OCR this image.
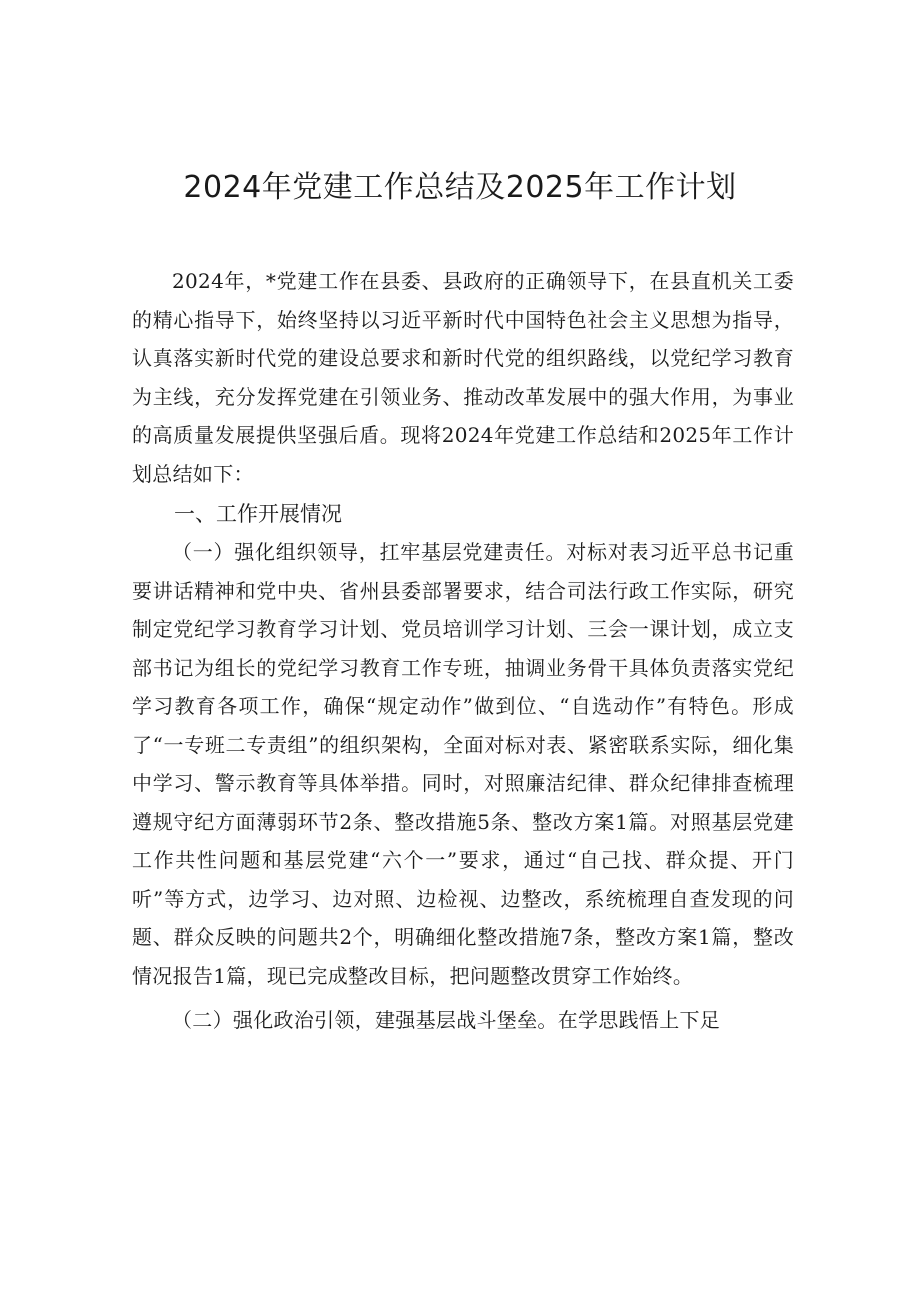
2024年党建工作总结及2025年工作计划

2024年，*党建工作在县委、县政府的正确领导下，在县直机关工委的精心指导下，始终坚持以习近平新时代中国特色社会主义思想为指导，认真落实新时代党的建设总要求和新时代党的组织路线，以党纪学习教育为主线，充分发挥党建在引领业务、推动改革发展中的强大作用，为事业的高质量发展提供坚强后盾。现将2024年党建工作总结和2025年工作计划总结如下：

一、工作开展情况

（一）强化组织领导，扛牢基层党建责任。对标对表习近平总书记重要讲话精神和党中央、省州县委部署要求，结合司法行政工作实际，研究制定党纪学习教育学习计划、党员培训学习计划、三会一课计划，成立支部书记为组长的党纪学习教育工作专班，抽调业务骨干具体负责落实党纪学习教育各项工作，确保“规定动作”做到位、“自选动作”有特色。形成了“一专班二专责组”的组织架构，全面对标对表、紧密联系实际，细化集中学习、警示教育等具体举措。同时，对照廉洁纪律、群众纪律排查梳理遵规守纪方面薄弱环节2条、整改措施5条、整改方案1篇。对照基层党建工作共性问题和基层党建“六个一”要求，通过“自己找、群众提、开门听”等方式，边学习、边对照、边检视、边整改，系统梳理自查发现的问题、群众反映的问题共2个，明确细化整改措施7条，整改方案1篇，整改情况报告1篇，现已完成整改目标，把问题整改贯穿工作始终。

（二）强化政治引领，建强基层战斗堡垒。在学思践悟上下足
